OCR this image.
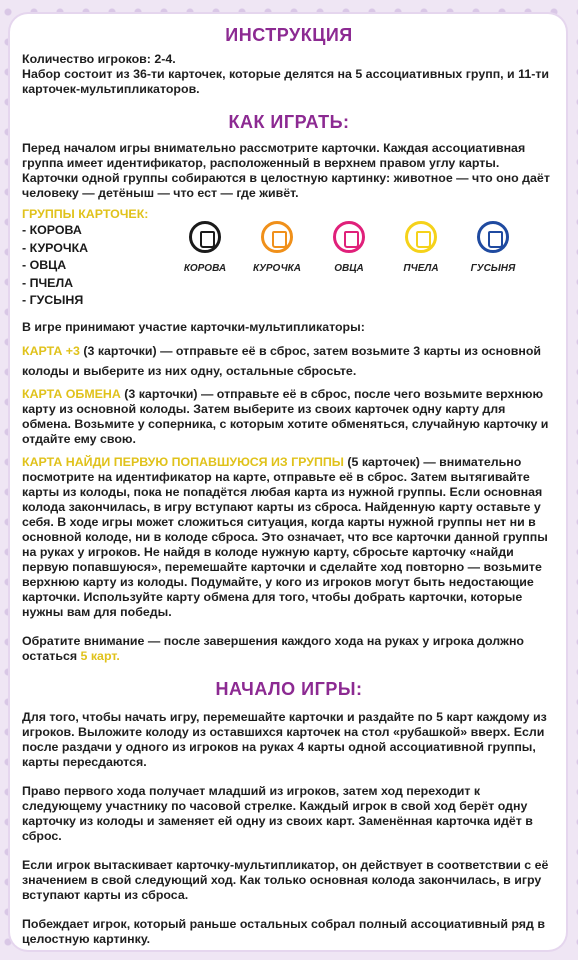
ИНСТРУКЦИЯ

Количество игроков: 2-4.

Набор состоит из 36-ти карточек, которые делятся на 5 ассоциативных групп, и 11-ти карточек-мультипликаторов.

КАК ИГРАТЬ:

Перед началом игры внимательно рассмотрите карточки. Каждая ассоциативная группа имеет идентификатор, расположенный в верхнем правом углу карты. Карточки одной группы собираются в целостную картинку: животное — что оно даёт человеку — детёныш — что ест — где живёт.

ГРУППЫ КАРТОЧЕК:
- КОРОВА
- КУРОЧКА
- ОВЦА
- ПЧЕЛА
- ГУСЫНЯ
КОРОВА	КУРОЧКА	ОВЦА	ПЧЕЛА	ГУСЫНЯ

В игре принимают участие карточки-мультипликаторы:

КАРТА +3 (3 карточки) — отправьте её в сброс, затем возьмите 3 карты из основной колоды и выберите из них одну, остальные сбросьте.

КАРТА ОБМЕНА (3 карточки) — отправьте её в сброс, после чего возьмите верхнюю карту из основной колоды. Затем выберите из своих карточек одну карту для обмена. Возьмите у соперника, с которым хотите обменяться, случайную карточку и отдайте ему свою.

КАРТА НАЙДИ ПЕРВУЮ ПОПАВШУЮСЯ ИЗ ГРУППЫ (5 карточек) — внимательно посмотрите на идентификатор на карте, отправьте её в сброс. Затем вытягивайте карты из колоды, пока не попадётся любая карта из нужной группы. Если основная колода закончилась, в игру вступают карты из сброса. Найденную карту оставьте у себя. В ходе игры может сложиться ситуация, когда карты нужной группы нет ни в основной колоде, ни в колоде сброса. Это означает, что все карточки данной группы на руках у игроков. Не найдя в колоде нужную карту, сбросьте карточку «найди первую попавшуюся», перемешайте карточки и сделайте ход повторно — возьмите верхнюю карту из колоды. Подумайте, у кого из игроков могут быть недостающие карточки. Используйте карту обмена для того, чтобы добрать карточки, которые нужны вам для победы.

Обратите внимание — после завершения каждого хода на руках у игрока должно остаться 5 карт.

НАЧАЛО ИГРЫ:

Для того, чтобы начать игру, перемешайте карточки и раздайте по 5 карт каждому из игроков. Выложите колоду из оставшихся карточек на стол «рубашкой» вверх. Если после раздачи у одного из игроков на руках 4 карты одной ассоциативной группы, карты пересдаются.

Право первого хода получает младший из игроков, затем ход переходит к следующему участнику по часовой стрелке. Каждый игрок в свой ход берёт одну карточку из колоды и заменяет ей одну из своих карт. Заменённая карточка идёт в сброс.

Если игрок вытаскивает карточку-мультипликатор, он действует в соответствии с её значением в свой следующий ход. Как только основная колода закончилась, в игру вступают карты из сброса.

Побеждает игрок, который раньше остальных собрал полный ассоциативный ряд в целостную картинку.
